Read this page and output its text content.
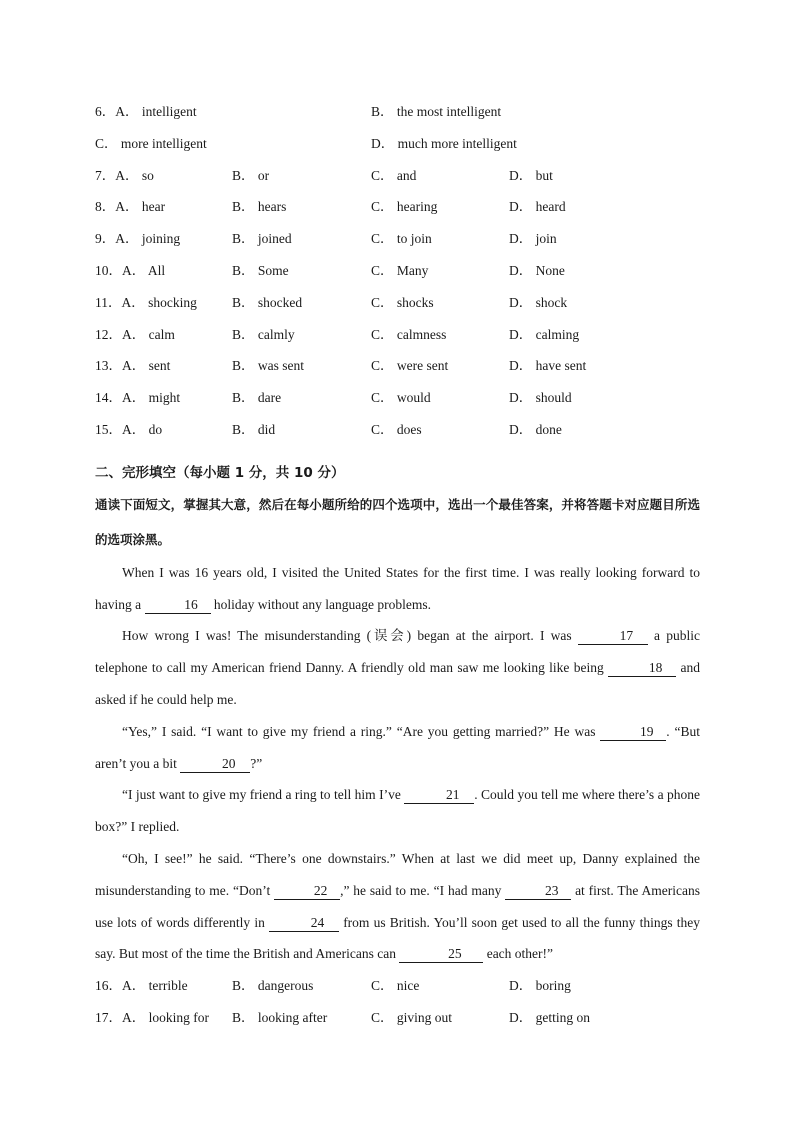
6．A． intelligent	B． the most intelligent
C． more intelligent	D． much more intelligent
7．A． so	B． or	C． and	D． but
8．A． hear	B． hears	C． hearing	D． heard
9．A． joining	B． joined	C． to join	D． join
10．A． All	B． Some	C． Many	D． None
11．A． shocking	B． shocked	C． shocks	D． shock
12．A． calm	B． calmly	C． calmness	D． calming
13．A． sent	B． was sent	C． were sent	D． have sent
14．A． might	B． dare	C． would	D． should
15．A． do	B． did	C． does	D． done
二、完形填空（每小题 1 分，共 10 分）
通读下面短文，掌握其大意，然后在每小题所给的四个选项中，选出一个最佳答案，并将答题卡对应题目所选的选项涂黑。

When I was 16 years old, I visited the United States for the first time. I was really looking forward to having a	16 holiday without any language problems.

How wrong I was! The misunderstanding (误会) began at the airport. I was	17 a public telephone to call my American friend Danny. A friendly old man saw me looking like being	18 and asked if he could help me.

“Yes,” I said. “I want to give my friend a ring.” “Are you getting married?” He was	19 . “But aren’t you a bit	20 ?”

“I just want to give my friend a ring to tell him I’ve	21 . Could you tell me where there’s a phone box?” I replied.

“Oh, I see!” he said. “There’s one downstairs.” When at last we did meet up, Danny explained the misunderstanding to me. “Don’t	22 ,” he said to me. “I had many	23 at first. The Americans use lots of words differently in	24 from us British. You’ll soon get used to all the funny things they say. But most of the time the British and Americans can	25 each other!”

16．A． terrible	B． dangerous	C． nice	D． boring
17．A． looking for B． looking after	C． giving out	D． getting on
